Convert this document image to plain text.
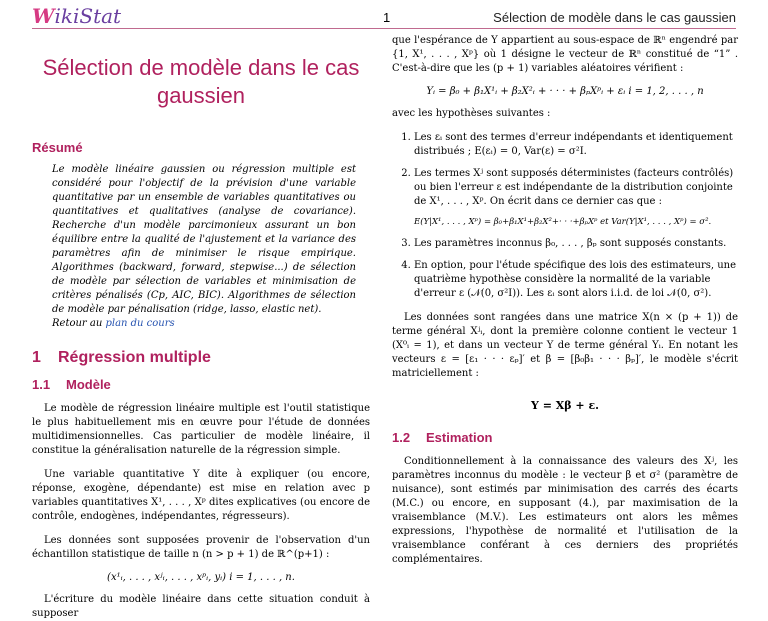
WikiStat	1	Sélection de modèle dans le cas gaussien
Sélection de modèle dans le cas
gaussien
Résumé
Le modèle linéaire gaussien ou régression multiple est considéré pour l'objectif de la prévision d'une variable quantitative par un ensemble de variables quantitatives ou quantitatives et qualitatives (analyse de covariance). Recherche d'un modèle parcimonieux assurant un bon équilibre entre la qualité de l'ajustement et la variance des paramètres afin de minimiser le risque empirique. Algorithmes (backward, forward, stepwise...) de sélection de modèle par sélection de variables et minimisation de critères pénalisés (Cp, AIC, BIC). Algorithmes de sélection de modèle par pénalisation (ridge, lasso, elastic net).
Retour au plan du cours
1 Régression multiple
1.1 Modèle
Le modèle de régression linéaire multiple est l'outil statistique le plus habituellement mis en œuvre pour l'étude de données multidimensionnelles. Cas particulier de modèle linéaire, il constitue la généralisation naturelle de la régression simple.
Une variable quantitative Y dite à expliquer (ou encore, réponse, exogène, dépendante) est mise en relation avec p variables quantitatives X¹, . . . , Xᵖ dites explicatives (ou encore de contrôle, endogènes, indépendantes, régresseurs).
Les données sont supposées provenir de l'observation d'un échantillon statistique de taille n (n > p + 1) de ℝ^(p+1) :
(x¹ᵢ, . . . , xʲᵢ, . . . , xᵖᵢ, yᵢ) i = 1, . . . , n.
L'écriture du modèle linéaire dans cette situation conduit à supposer
que l'espérance de Y appartient au sous-espace de ℝⁿ engendré par {1, X¹, . . . , Xᵖ} où 1 désigne le vecteur de ℝⁿ constitué de “1” . C'est-à-dire que les (p + 1) variables aléatoires vérifient :
Yᵢ = β₀ + β₁X¹ᵢ + β₂X²ᵢ + · · · + βₚXᵖᵢ + εᵢ i = 1, 2, . . . , n
avec les hypothèses suivantes :
1. Les εᵢ sont des termes d'erreur indépendants et identiquement distribués ; E(εᵢ) = 0, Var(ε) = σ²I.
2. Les termes Xʲ sont supposés déterministes (facteurs contrôlés) ou bien l'erreur ε est indépendante de la distribution conjointe de X¹, . . . , Xᵖ. On écrit dans ce dernier cas que :
E(Y|X¹, . . . , Xᵖ) = β₀+β₁X¹+β₂X²+· · ·+βₚXᵖ et Var(Y|X¹, . . . , Xᵖ) = σ².
3. Les paramètres inconnus β₀, . . . , βₚ sont supposés constants.
4. En option, pour l'étude spécifique des lois des estimateurs, une quatrième hypothèse considère la normalité de la variable d'erreur ε (𝒩(0, σ²I)). Les εᵢ sont alors i.i.d. de loi 𝒩(0, σ²).
Les données sont rangées dans une matrice X(n × (p + 1)) de terme général Xʲᵢ, dont la première colonne contient le vecteur 1 (X⁰ᵢ = 1), et dans un vecteur Y de terme général Yᵢ. En notant les vecteurs ε = [ε₁ · · · εₚ]′ et β = [β₀β₁ · · · βₚ]′, le modèle s'écrit matriciellement :
Y = Xβ + ε.
1.2 Estimation
Conditionnellement à la connaissance des valeurs des Xʲ, les paramètres inconnus du modèle : le vecteur β et σ² (paramètre de nuisance), sont estimés par minimisation des carrés des écarts (M.C.) ou encore, en supposant (4.), par maximisation de la vraisemblance (M.V.). Les estimateurs ont alors les mêmes expressions, l'hypothèse de normalité et l'utilisation de la vraisemblance conférant à ces derniers des propriétés complémentaires.
